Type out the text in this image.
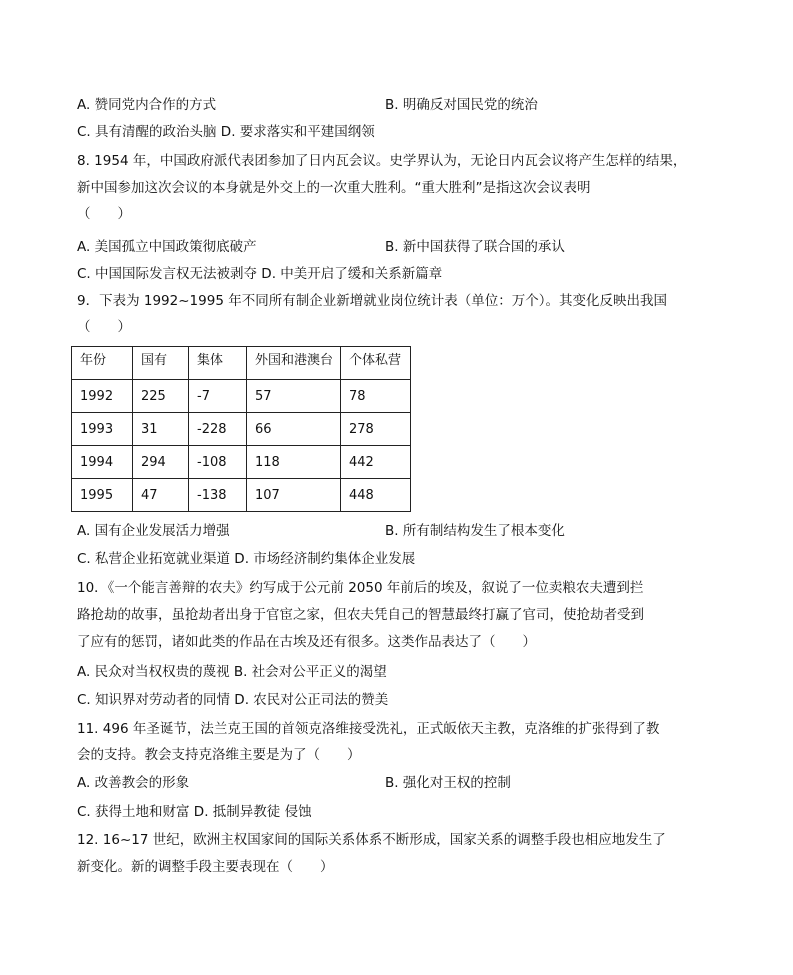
A. 赞同党内合作的方式	B. 明确反对国民党的统治
C. 具有清醒的政治头脑 D. 要求落实和平建国纲领
8. 1954 年，中国政府派代表团参加了日内瓦会议。史学界认为，无论日内瓦会议将产生怎样的结果，
新中国参加这次会议的本身就是外交上的一次重大胜利。“重大胜利”是指这次会议表明
（　　）
A. 美国孤立中国政策彻底破产	B. 新中国获得了联合国的承认
C. 中国国际发言权无法被剥夺 D. 中美开启了缓和关系新篇章
9．下表为 1992~1995 年不同所有制企业新增就业岗位统计表（单位：万个）。其变化反映出我国
（　　）
年份	国有	集体	外国和港澳台	个体私营
1992	225	-7	57	78
1993	31	-228	66	278
1994	294	-108	118	442
1995	47	-138	107	448
A. 国有企业发展活力增强	B. 所有制结构发生了根本变化
C. 私营企业拓宽就业渠道 D. 市场经济制约集体企业发展
10．《一个能言善辩的农夫》约写成于公元前 2050 年前后的埃及，叙说了一位卖粮农夫遭到拦
路抢劫的故事，虽抢劫者出身于官宦之家，但农夫凭自己的智慧最终打赢了官司，使抢劫者受到
了应有的惩罚，诸如此类的作品在古埃及还有很多。这类作品表达了（　　）
A. 民众对当权权贵的蔑视 B. 社会对公平正义的渴望
C. 知识界对劳动者的同情 D. 农民对公正司法的赞美
11. 496 年圣诞节，法兰克王国的首领克洛维接受洗礼，正式皈依天主教，克洛维的扩张得到了教
会的支持。教会支持克洛维主要是为了（　　）
A. 改善教会的形象	B. 强化对王权的控制
C. 获得土地和财富 D. 抵制异教徒 侵蚀
12. 16~17 世纪，欧洲主权国家间的国际关系体系不断形成，国家关系的调整手段也相应地发生了
新变化。新的调整手段主要表现在（　　）
